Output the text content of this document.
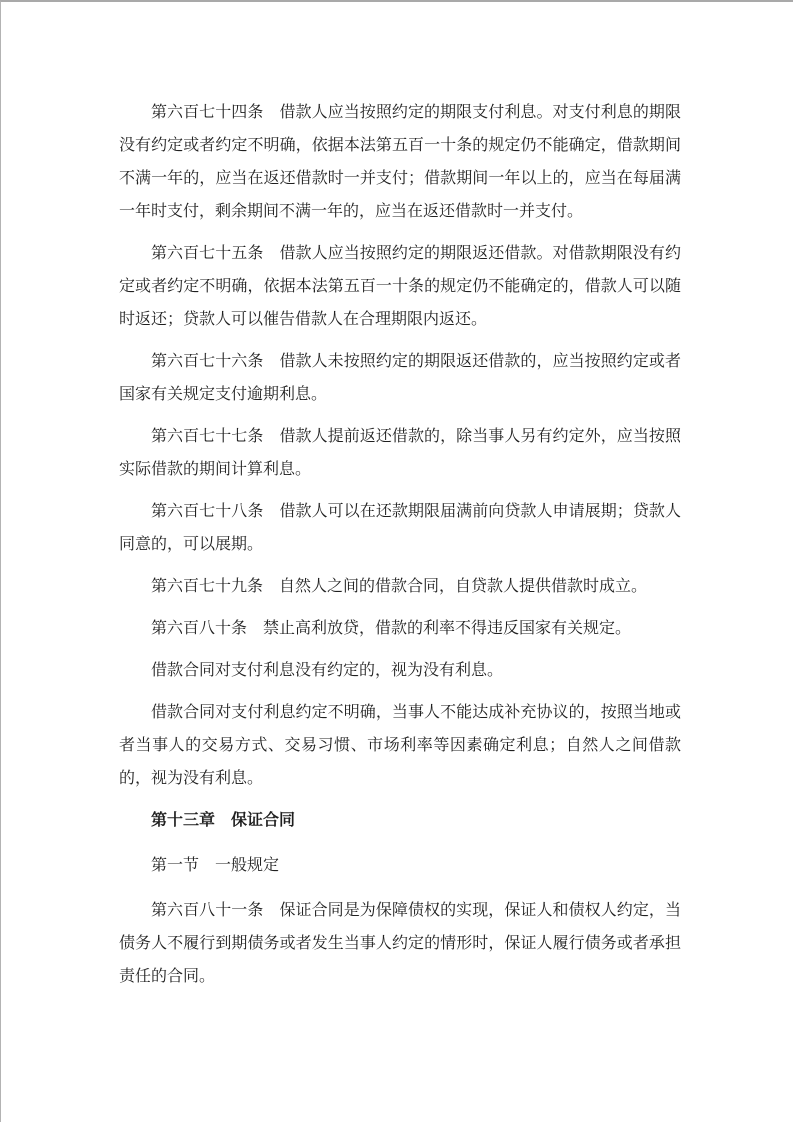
第六百七十四条　借款人应当按照约定的期限支付利息。对支付利息的期限没有约定或者约定不明确，依据本法第五百一十条的规定仍不能确定，借款期间不满一年的，应当在返还借款时一并支付；借款期间一年以上的，应当在每届满一年时支付，剩余期间不满一年的，应当在返还借款时一并支付。

第六百七十五条　借款人应当按照约定的期限返还借款。对借款期限没有约定或者约定不明确，依据本法第五百一十条的规定仍不能确定的，借款人可以随时返还；贷款人可以催告借款人在合理期限内返还。

第六百七十六条　借款人未按照约定的期限返还借款的，应当按照约定或者国家有关规定支付逾期利息。

第六百七十七条　借款人提前返还借款的，除当事人另有约定外，应当按照实际借款的期间计算利息。

第六百七十八条　借款人可以在还款期限届满前向贷款人申请展期；贷款人同意的，可以展期。

第六百七十九条　自然人之间的借款合同，自贷款人提供借款时成立。

第六百八十条　禁止高利放贷，借款的利率不得违反国家有关规定。

借款合同对支付利息没有约定的，视为没有利息。

借款合同对支付利息约定不明确，当事人不能达成补充协议的，按照当地或者当事人的交易方式、交易习惯、市场利率等因素确定利息；自然人之间借款的，视为没有利息。

第十三章　保证合同

第一节　一般规定

第六百八十一条　保证合同是为保障债权的实现，保证人和债权人约定，当债务人不履行到期债务或者发生当事人约定的情形时，保证人履行债务或者承担责任的合同。
